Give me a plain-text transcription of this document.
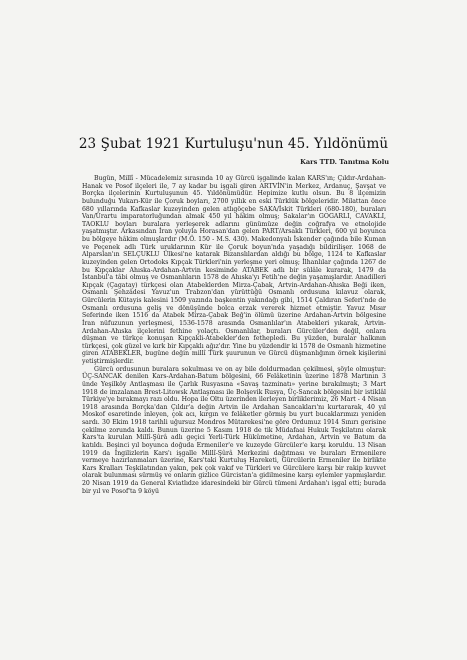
23 Şubat 1921 Kurtuluşu'nun 45. Yıldönümü
Kars TTD. Tanıtma Kolu

Bugün, Millî - Mücadelemiz sırasında 10 ay Gürcü işgalinde kalan KARS'ın; Çıldır-Ardahan-Hanak ve Posof ilçeleri ile, 7 ay kadar bu işgali giren ARTVİN'in Merkez, Ardanuç, Şavşat ve Borçka ilçelerinin Kurtuluşunun 45. Yıldönümüdür. Hepimize kutlu olsun. Bu 8 ilçemizin bulunduğu Yukarı-Kür ile Çoruk boyları, 2700 yıllık en eski Türklük bölgeleridir. Milattan önce 680 yıllarında Kafkaslar kuzeyinden gelen atlıgöçebe SAKA/İskit Türkleri (680-180), buraları Van/Urartu imparatorluğundan almak 450 yıl hâkim olmuş; Sakalar'ın GOGARLI, CAVAKLI, TAOKLU boyları buralara yerleşerek adlarını günümüze değin coğrafya ve etnolojide yaşatmıştır. Arkasından İran yoluyla Horasan'dan gelen PART/Arsaklı Türkleri, 600 yıl boyunca bu bölgeye hâkim olmuşlardır (M.Ö. 150 - M.S. 430). Makedonyalı İskender çağında bile Kuman ve Peçenek adlı Türk uruklarının Kür ile Çoruk boyun'nda yaşadığı bildirilişer. 1068 de Alparslan'ın SELÇUKLU Ülkesi'ne katarak Bizanslılardan aldığı bu bölge, 1124 te Kafkaslar kuzeyinden gelen Ortodoks Kıpçak Türkleri'nin yerleşme yeri olmuş; İlhanlılar çağında 1267 de bu Kıpçaklar Ahıska-Ardahan-Artvin kesiminde ATABEK adlı bir sülâle kurarak, 1479 da İstanbul'a tâbi olmuş ve Osmanlıların 1578 de Ahıska'yı Fetih'ne değin yaşamışlardır. Anadilleri Kıpçak (Çagatay) türkçesi olan Atabeklerden Mirza-Çabak, Artvin-Ardahan-Ahıska Beği iken, Osmanlı Şehzâdesi Yavuz'un Trabzon'dan yürüttüğü Osmanlı ordusuna kılavuz olarak, Gürcülerin Kütayis kalesini 1509 yazında başkentin yakındağı gibi, 1514 Çaldıran Seferi'nde de Osmanlı ordusuna geliş ve dönüşünde bolca erzak vererek hizmet etmiştir. Yavuz Mısır Seferinde iken 1516 da Atabek Mirza-Çabak Beğ'in ölümü üzerine Ardahan-Artvin bölgesine İran nüfuzunun yerleşmesi, 1536-1578 arasında Osmanlılar'ın Atabekleri yıkarak, Artvin-Ardahan-Ahıska ilçelerini fethine yolaçtı. Osmanlılar, buraları Gürcüler'den değil, onlara düşman ve türkçe konuşan Kıpçakli-Atabekler'den fethepledi. Bu yüzden, buralar halkının türkçesi, çok güzel ve kırk bir Kıpçaklı ağız'dır. Yine bu yüzdendir ki 1578 de Osmanlı hizmetine giren ATABEKLER, bugüne değin millî Türk şuurunun ve Gürcü düşmanlığının örnek kişilerini yetiştirmişlerdir.

Gürcü ordusunun buralara sokulması ve on ay bile doldurmadan çekilmesi, şöyle olmuştur: ÜÇ-SANCAK denilen Kars-Ardahan-Batum bölgesini, 66 Felâketinin üzerine 1878 Martının 3 ünde Yeşilköy Antlaşması ile Çarlık Rusyasına «Savaş tazminatı» yerine bırakılmıştı; 3 Mart 1918 de imzalanan Brest-Litowsk Antlaşması ile Bolşevik Rusya, Üç-Sancak bölgesini bir istiklâl Türkiye'ye bırakmayı razı oldu. Hopa ile Oltu üzerinden ilerleyen birliklerimiz, 26 Mart - 4 Nisan 1918 arasında Borçka'dan Çıldır'a değin Artvin ile Ardahan Sancakları'nı kurtararak, 40 yıl Moskof esaretinde inleyen, çok acı, kırgın ve felâketler görmiş bu yurt bucaklarımızı yeniden sardı. 30 Ekim 1918 tarihli uğursuz Mondros Mütarekesi'ne göre Ordumuz 1914 Sınırı gerisine çekilme zorunda kaldı. Bunun üzerine 5 Kasım 1918 de tik Müdafaai Hukuk Teşkilatını olarak Kars'ta kurulan Millî-Şûrâ adlı geçici Yerli-Türk Hükûmetine, Ardahan, Artvin ve Batum da katıldı. Beşinci yıl boyunca doğuda Ermeniler'e ve kuzeyde Gürcüler'e karşı koruldu. 13 Nisan 1919 da İngilizlerin Kars'ı işgalle Millî-Şûrâ Merkezini dağıtması ve buraları Ermenilere vermeye hazırlanmaları üzerine, Kars'taki Kurtuluş Hareketi, Gürcülerin Ermeniler ile birlikte Kars Kralları Teşkilatından yakın, pek çok vakıf ve Türkleri ve Gürcülere karşı bir rakip kuvvet olarak bulunması sürmüş ve onların gizlice Gürcistan'a gidilmesine karşı eylemler yapmışlardır. 20 Nisan 1919 da General Kviatlıdze idaresindeki bir Gürcü tümeni Ardahan'ı işgal etti; burada bir yıl ve Posof'ta 9 köyü
